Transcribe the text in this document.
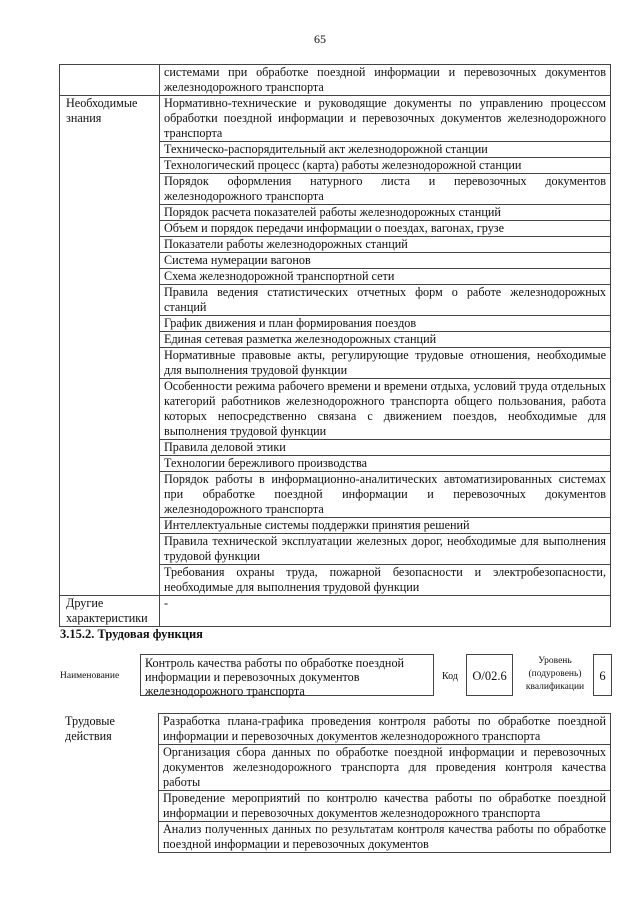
65
	системами при обработке поездной информации и перевозочных документов железнодорожного транспорта
Необходимые знания	Нормативно-технические и руководящие документы по управлению процессом обработки поездной информации и перевозочных документов железнодорожного транспорта
	Техническо-распорядительный акт железнодорожной станции
	Технологический процесс (карта) работы железнодорожной станции
	Порядок оформления натурного листа и перевозочных документов железнодорожного транспорта
	Порядок расчета показателей работы железнодорожных станций
	Объем и порядок передачи информации о поездах, вагонах, грузе
	Показатели работы железнодорожных станций
	Система нумерации вагонов
	Схема железнодорожной транспортной сети
	Правила ведения статистических отчетных форм о работе железнодорожных станций
	График движения и план формирования поездов
	Единая сетевая разметка железнодорожных станций
	Нормативные правовые акты, регулирующие трудовые отношения, необходимые для выполнения трудовой функции
	Особенности режима рабочего времени и времени отдыха, условий труда отдельных категорий работников железнодорожного транспорта общего пользования, работа которых непосредственно связана с движением поездов, необходимые для выполнения трудовой функции
	Правила деловой этики
	Технологии бережливого производства
	Порядок работы в информационно-аналитических автоматизированных системах при обработке поездной информации и перевозочных документов железнодорожного транспорта
	Интеллектуальные системы поддержки принятия решений
	Правила технической эксплуатации железных дорог, необходимые для выполнения трудовой функции
	Требования охраны труда, пожарной безопасности и электробезопасности, необходимые для выполнения трудовой функции
Другие характеристики	-
3.15.2. Трудовая функция
Наименование
Контроль качества работы по обработке поездной информации и перевозочных документов железнодорожного транспорта
Код	О/02.6
Уровень (подуровень) квалификации
6
Трудовые действия	Разработка плана-графика проведения контроля работы по обработке поездной информации и перевозочных документов железнодорожного транспорта
Организация сбора данных по обработке поездной информации и перевозочных документов железнодорожного транспорта для проведения контроля качества работы
Проведение мероприятий по контролю качества работы по обработке поездной информации и перевозочных документов железнодорожного транспорта
Анализ полученных данных по результатам контроля качества работы по обработке поездной информации и перевозочных документов
